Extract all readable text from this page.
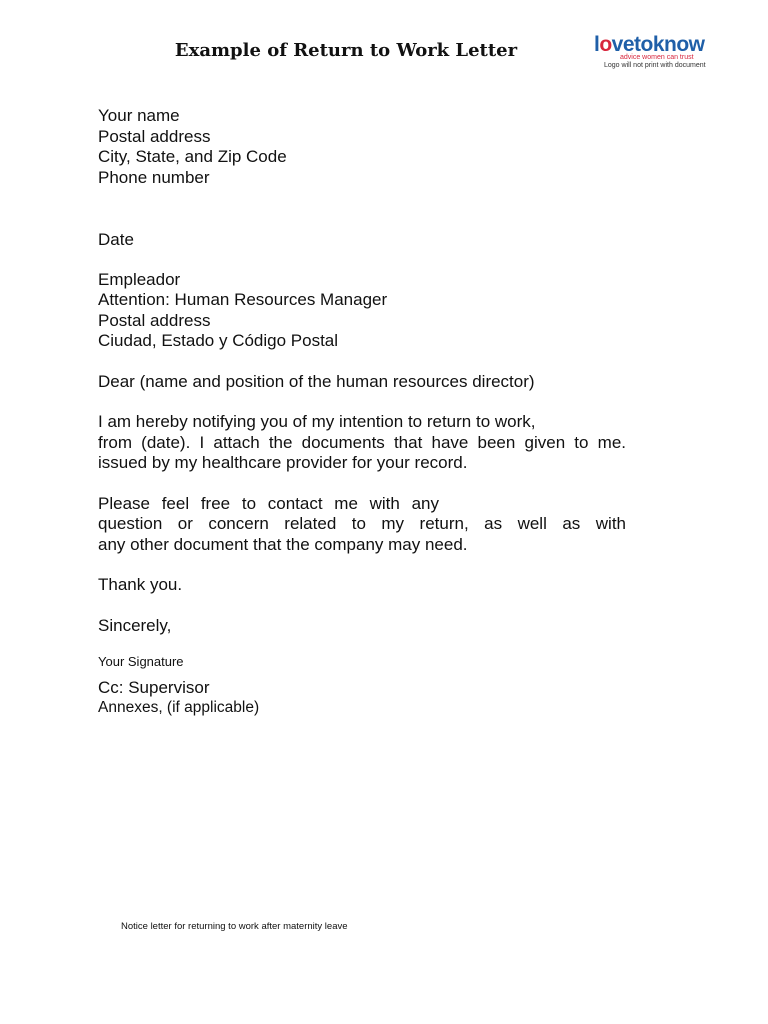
Example of Return to Work Letter	lovetoknow
advice women can trust
Logo will not print with document
Your name
Postal address
City, State, and Zip Code
Phone number
Date
Empleador
Attention: Human Resources Manager
Postal address
Ciudad, Estado y Código Postal
Dear (name and position of the human resources director)
I am hereby notifying you of my intention to return to work,
from (date). I attach the documents that have been given to me.
issued by my healthcare provider for your record.
Please feel free to contact me with any
question or concern related to my return, as well as with
any other document that the company may need.
Thank you.
Sincerely,
Your Signature
Cc: Supervisor
Annexes, (if applicable)
Notice letter for returning to work after maternity leave
